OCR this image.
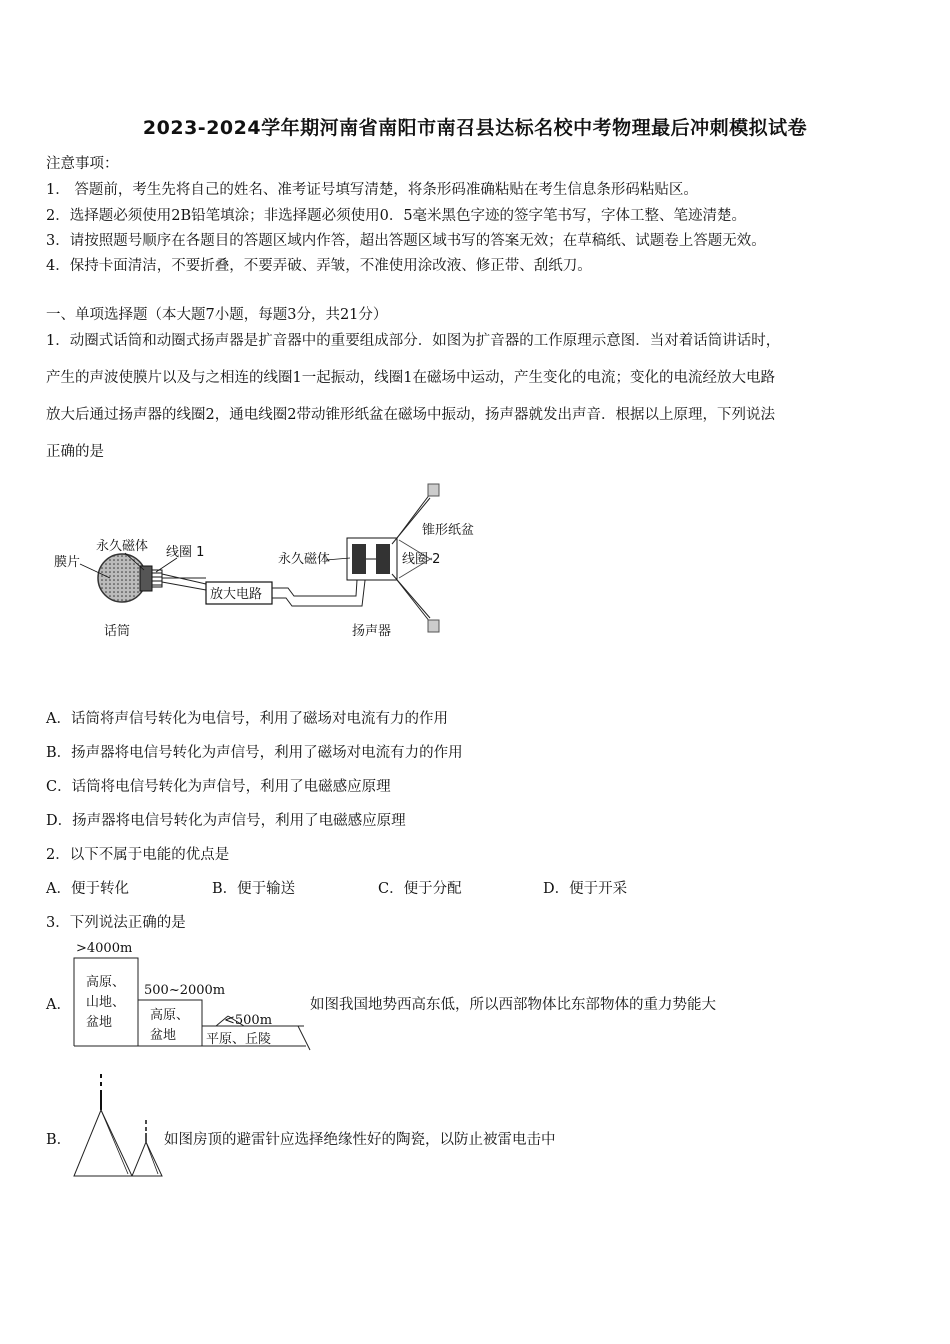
2023-2024学年期河南省南阳市南召县达标名校中考物理最后冲刺模拟试卷
注意事项：
1． 答题前，考生先将自己的姓名、准考证号填写清楚，将条形码准确粘贴在考生信息条形码粘贴区。
2．选择题必须使用2B铅笔填涂；非选择题必须使用0．5毫米黑色字迹的签字笔书写，字体工整、笔迹清楚。
3．请按照题号顺序在各题目的答题区域内作答，超出答题区域书写的答案无效；在草稿纸、试题卷上答题无效。
4．保持卡面清洁，不要折叠，不要弄破、弄皱，不准使用涂改液、修正带、刮纸刀。
一、单项选择题（本大题7小题，每题3分，共21分）
1．动圈式话筒和动圈式扬声器是扩音器中的重要组成部分．如图为扩音器的工作原理示意图．当对着话筒讲话时，
产生的声波使膜片以及与之相连的线圈1一起振动，线圈1在磁场中运动，产生变化的电流；变化的电流经放大电路
放大后通过扬声器的线圈2，通电线圈2带动锥形纸盆在磁场中振动，扬声器就发出声音．根据以上原理，下列说法
正确的是
膜片
永久磁体 线圈 1
话筒
放大电路
永久磁体	线圈 2
锥形纸盆
扬声器
A．话筒将声信号转化为电信号，利用了磁场对电流有力的作用
B．扬声器将电信号转化为声信号，利用了磁场对电流有力的作用
C．话筒将电信号转化为声信号，利用了电磁感应原理
D．扬声器将电信号转化为声信号，利用了电磁感应原理
2．以下不属于电能的优点是
A．便于转化	B．便于输送	C．便于分配	D．便于开采
3．下列说法正确的是
A．
>4000m
高原、
山地、
盆地
500~2000m
高原、
盆地
<500m
平原、丘陵
如图我国地势西高东低，所以西部物体比东部物体的重力势能大
B．	如图房顶的避雷针应选择绝缘性好的陶瓷，以防止被雷电击中
